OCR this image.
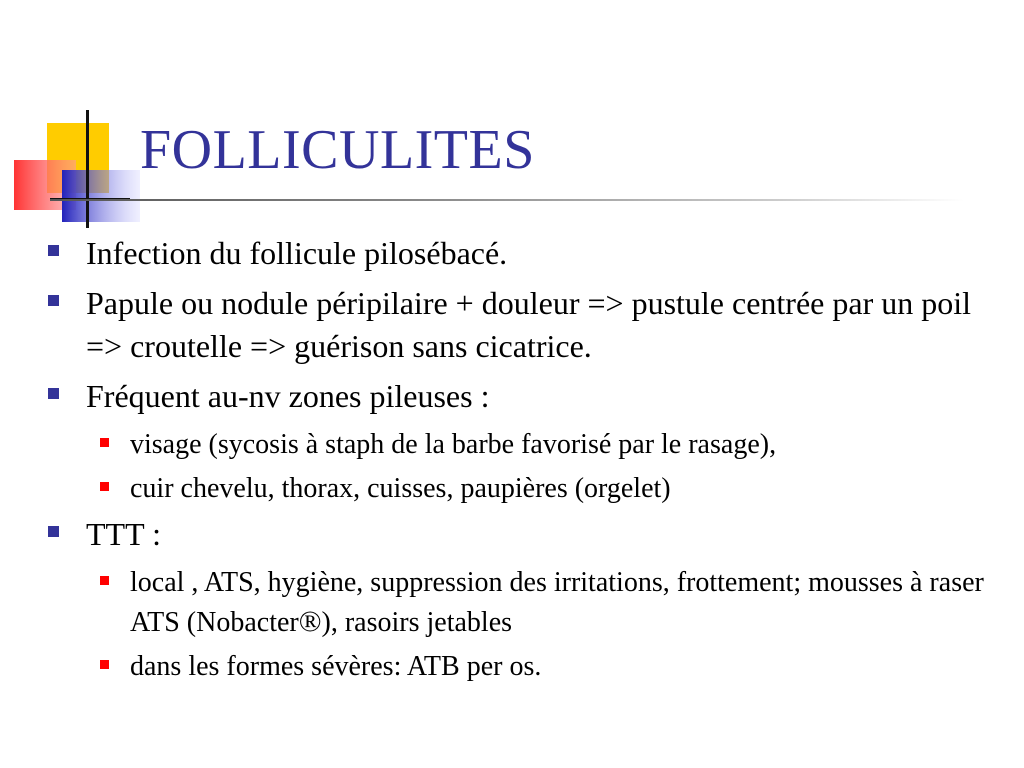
FOLLICULITES
Infection du follicule pilosébacé.
Papule ou nodule péripilaire + douleur => pustule centrée par un poil => croutelle => guérison sans cicatrice.
Fréquent au-nv zones pileuses :
visage (sycosis à staph de la barbe favorisé par le rasage),
cuir chevelu, thorax, cuisses, paupières (orgelet)
TTT :
local , ATS, hygiène, suppression des irritations, frottement; mousses à raser ATS (Nobacter®), rasoirs jetables
dans les formes sévères: ATB per os.
